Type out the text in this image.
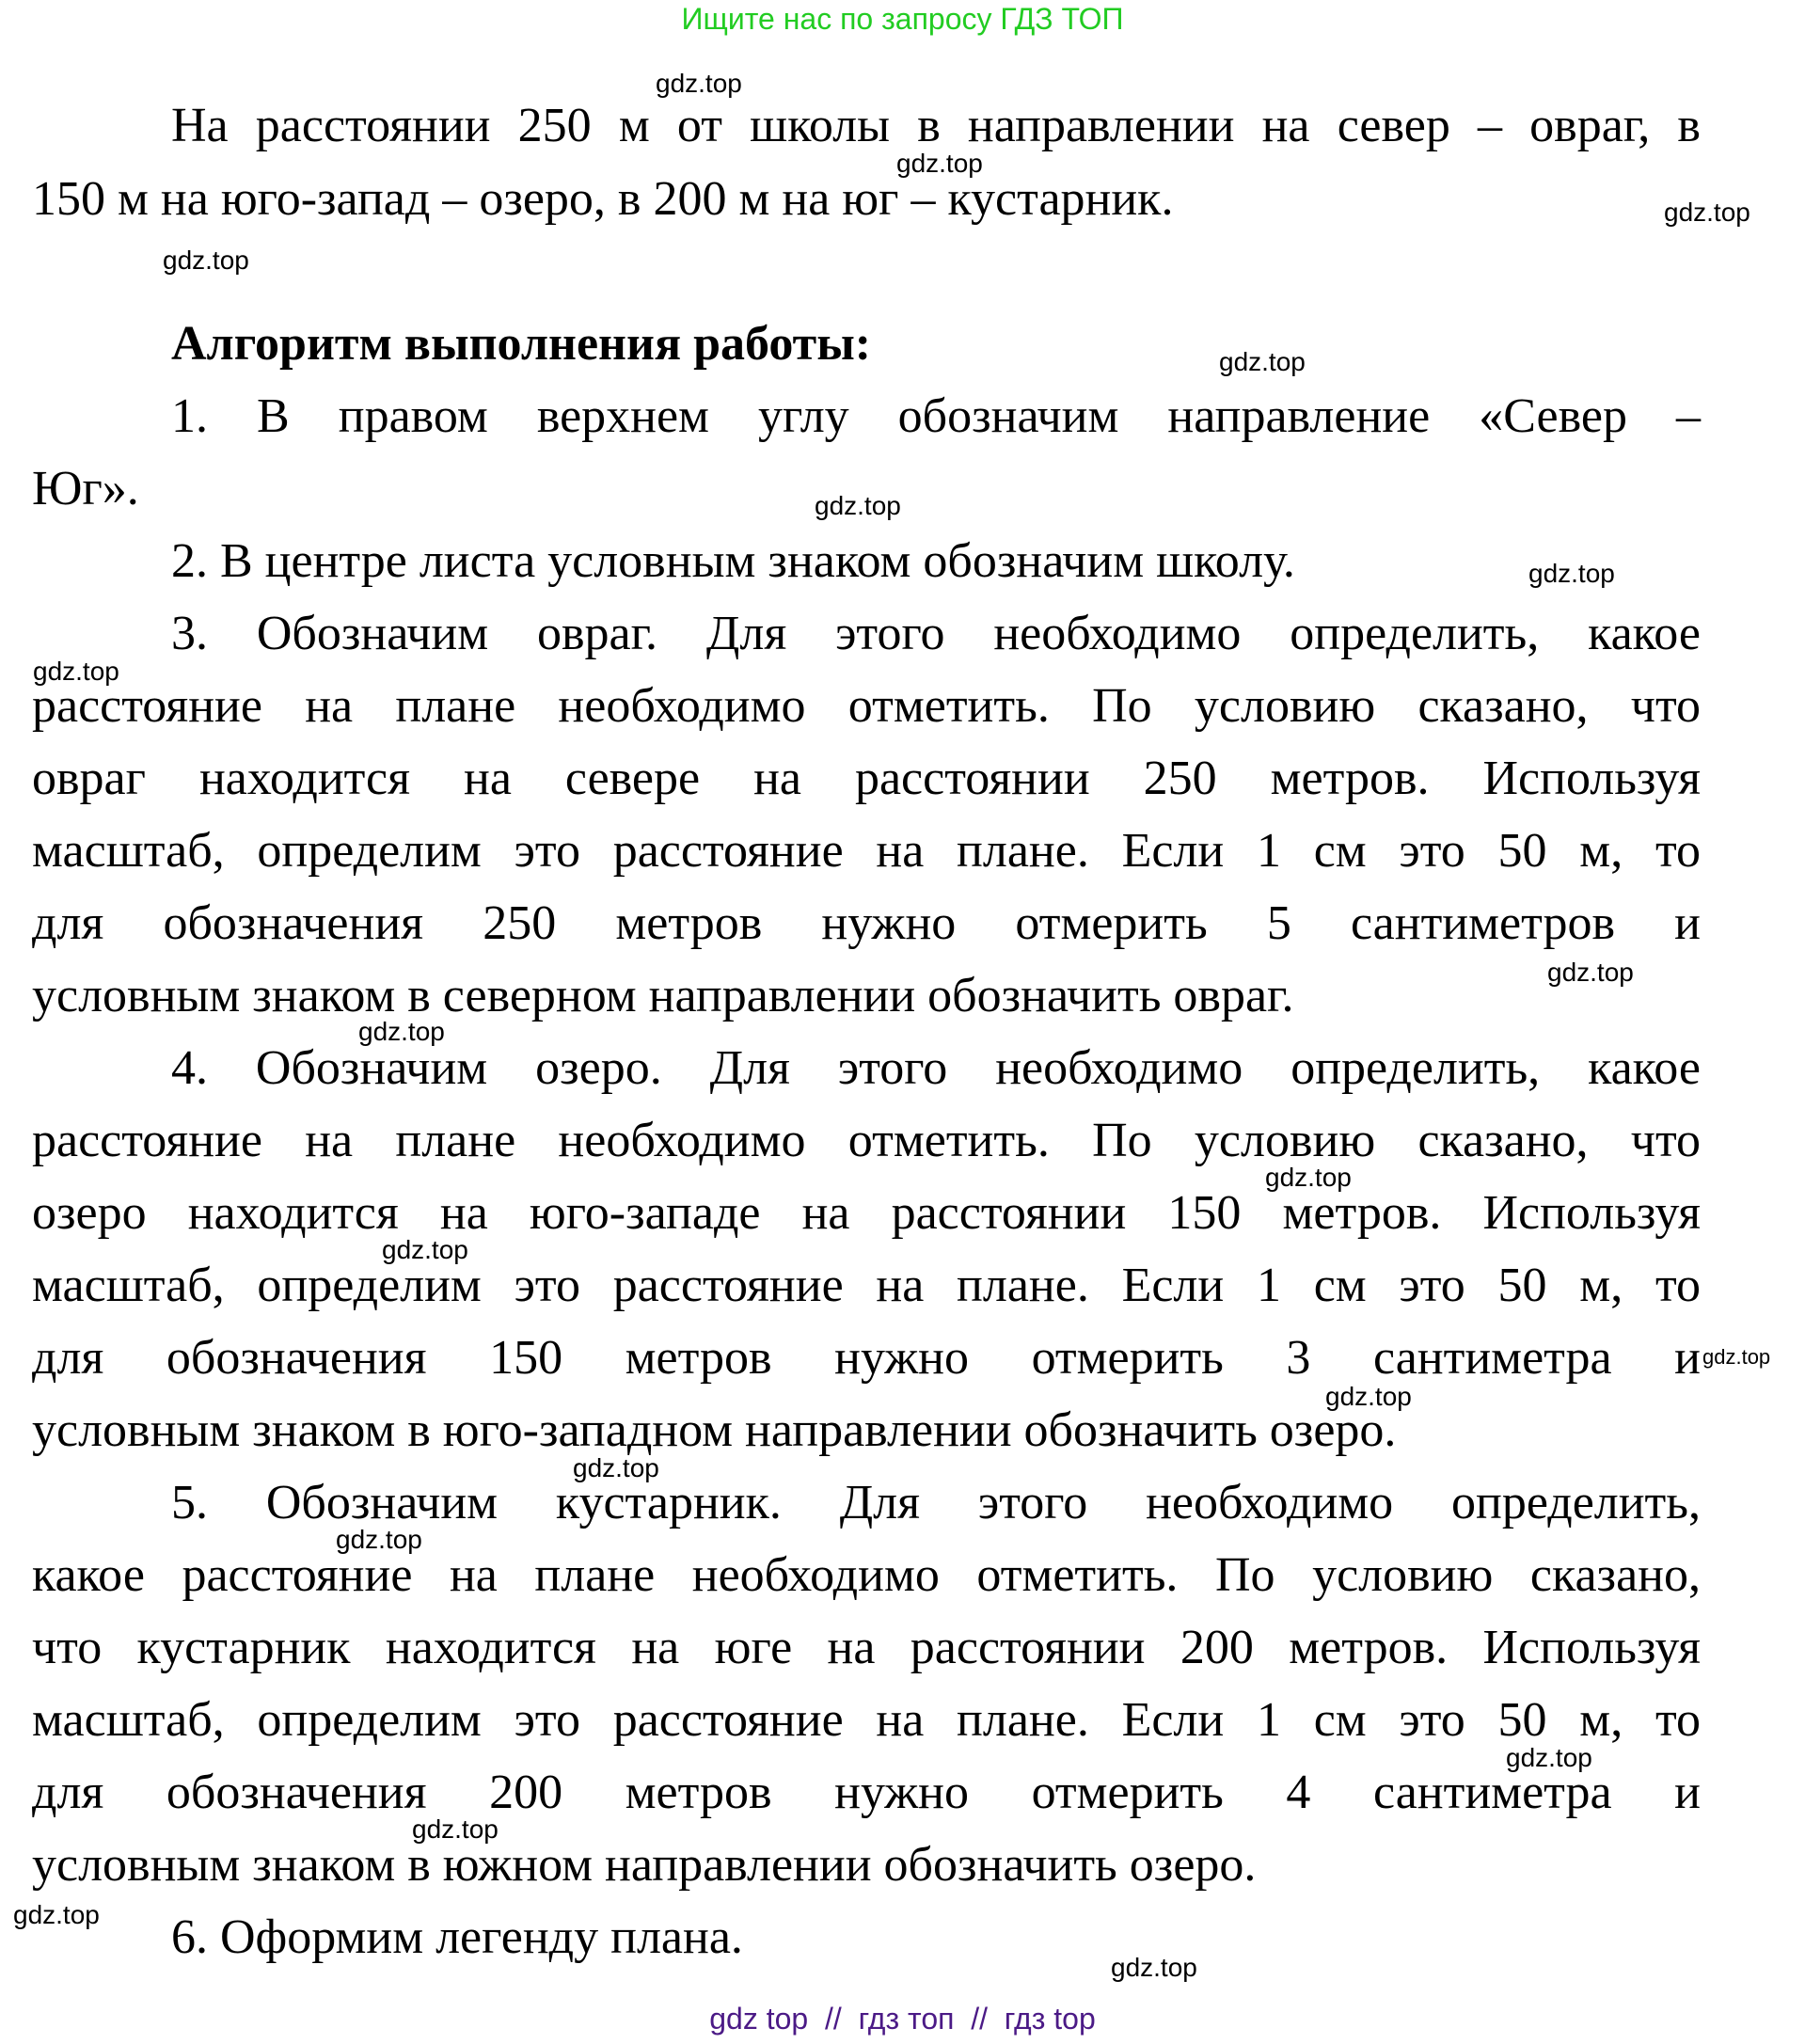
Ищите нас по запросу ГДЗ ТОП
На расстоянии 250 м от школы в направлении на север – овраг, в
150 м на юго-запад – озеро, в 200 м на юг – кустарник.
Алгоритм выполнения работы:
1. В правом верхнем углу обозначим направление «Север –
Юг».
2. В центре листа условным знаком обозначим школу.
3. Обозначим овраг. Для этого необходимо определить, какое
расстояние на плане необходимо отметить. По условию сказано, что
овраг находится на севере на расстоянии 250 метров. Используя
масштаб, определим это расстояние на плане. Если 1 см это 50 м, то
для обозначения 250 метров нужно отмерить 5 сантиметров и
условным знаком в северном направлении обозначить овраг.
4. Обозначим озеро. Для этого необходимо определить, какое
расстояние на плане необходимо отметить. По условию сказано, что
озеро находится на юго-западе на расстоянии 150 метров. Используя
масштаб, определим это расстояние на плане. Если 1 см это 50 м, то
для обозначения 150 метров нужно отмерить 3 сантиметра и
условным знаком в юго-западном направлении обозначить озеро.
5. Обозначим кустарник. Для этого необходимо определить,
какое расстояние на плане необходимо отметить. По условию сказано,
что кустарник находится на юге на расстоянии 200 метров. Используя
масштаб, определим это расстояние на плане. Если 1 см это 50 м, то
для обозначения 200 метров нужно отмерить 4 сантиметра и
условным знаком в южном направлении обозначить озеро.
6. Оформим легенду плана.
gdz.top
gdz.top
gdz.top
gdz.top
gdz.top
gdz.top
gdz.top
gdz.top
gdz.top
gdz.top
gdz.top
gdz.top
gdz.top
gdz.top
gdz.top
gdz.top
gdz.top
gdz.top
gdz.top
gdz.top
gdz top  //  гдз топ  //  гдз top
